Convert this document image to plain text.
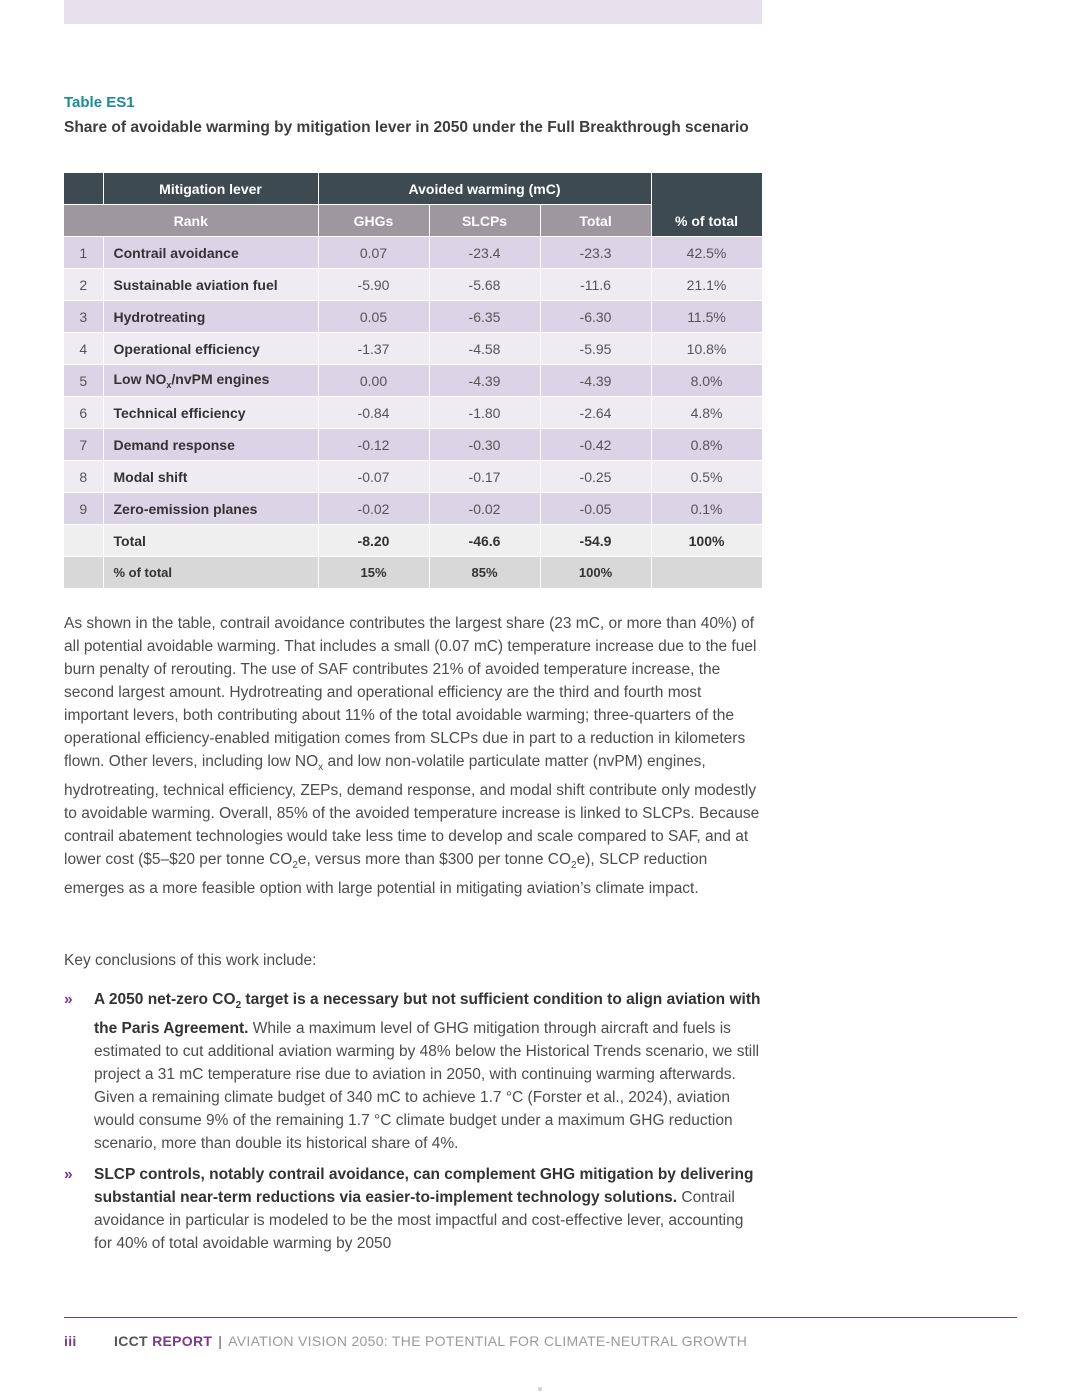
Table ES1
Share of avoidable warming by mitigation lever in 2050 under the Full Breakthrough scenario
	Mitigation lever	Avoided warming (mC)			% of total
Rank		GHGs	SLCPs	Total	
1	Contrail avoidance	0.07	-23.4	-23.3	42.5%
2	Sustainable aviation fuel	-5.90	-5.68	-11.6	21.1%
3	Hydrotreating	0.05	-6.35	-6.30	11.5%
4	Operational efficiency	-1.37	-4.58	-5.95	10.8%
5	Low $NO_x$/nvPM engines	0.00	-4.39	-4.39	8.0%
6	Technical efficiency	-0.84	-1.80	-2.64	4.8%
7	Demand response	-0.12	-0.30	-0.42	0.8%
8	Modal shift	-0.07	-0.17	-0.25	0.5%
9	Zero-emission planes	-0.02	-0.02	-0.05	0.1%
	Total	-8.20	-46.6	-54.9	100%
	% of total	15%	85%	100%	

As shown in the table, contrail avoidance contributes the largest share (23 mC, or more than 40%) of all potential avoidable warming. That includes a small (0.07 mC) temperature increase due to the fuel burn penalty of rerouting. The use of SAF contributes 21% of avoided temperature increase, the second largest amount. Hydrotreating and operational efficiency are the third and fourth most important levers, both contributing about 11% of the total avoidable warming; three-quarters of the operational efficiency-enabled mitigation comes from SLCPs due in part to a reduction in kilometers flown. Other levers, including low $NO_x$ and low non-volatile particulate matter (nvPM) engines, hydrotreating, technical efficiency, ZEPs, demand response, and modal shift contribute only modestly to avoidable warming. Overall, 85% of the avoided temperature increase is linked to SLCPs. Because contrail abatement technologies would take less time to develop and scale compared to SAF, and at lower cost ($5–$20 per tonne $CO_2e$, versus more than $300 per tonne $CO_2e$), SLCP reduction emerges as a more feasible option with large potential in mitigating aviation’s climate impact.

Key conclusions of this work include:

» A 2050 net-zero $CO_2$ target is a necessary but not sufficient condition to align aviation with the Paris Agreement. While a maximum level of GHG mitigation through aircraft and fuels is estimated to cut additional aviation warming by 48% below the Historical Trends scenario, we still project a 31 mC temperature rise due to aviation in 2050, with continuing warming afterwards. Given a remaining climate budget of 340 mC to achieve 1.7 °C (Forster et al., 2024), aviation would consume 9% of the remaining 1.7 °C climate budget under a maximum GHG reduction scenario, more than double its historical share of 4%.
» SLCP controls, notably contrail avoidance, can complement GHG mitigation by delivering substantial near-term reductions via easier-to-implement technology solutions. Contrail avoidance in particular is modeled to be the most impactful and cost-effective lever, accounting for 40% of total avoidable warming by 2050
iii	ICCT REPORT | AVIATION VISION 2050: THE POTENTIAL FOR CLIMATE-NEUTRAL GROWTH
